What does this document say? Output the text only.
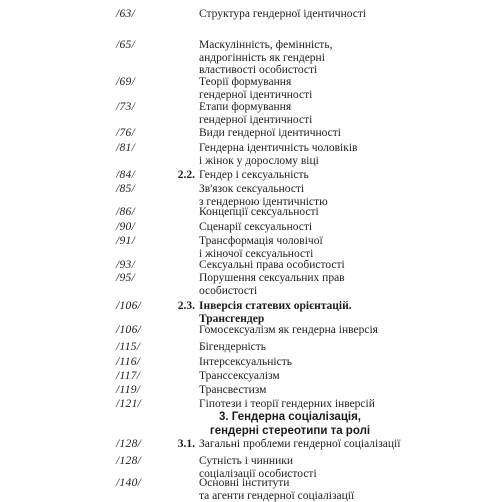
/63/	Структура гендерної ідентичності
/65/	Маскулінність, фемінність,
андрогінність як гендерні
властивості особистості
/69/	Теорії формування
гендерної ідентичності
/73/	Етапи формування
гендерної ідентичності
/76/	Види гендерної ідентичності
/81/	Гендерна ідентичність чоловіків
і жінок у дорослому віці
/84/	2.2. Гендер і сексуальність
/85/	Зв'язок сексуальності
з гендерною ідентичністю
/86/	Концепції сексуальності
/90/	Сценарії сексуальності
/91/	Трансформація чоловічої
і жіночої сексуальності
/93/	Сексуальні права особистості
/95/	Порушення сексуальних прав
особистості
/106/	2.3. Інверсія статевих орієнтацій.
Трансгендер
/106/	Гомосексуалізм як гендерна інверсія
/115/	Бігендерність
/116/	Інтерсексуальність
/117/	Транссексуалізм
/119/	Трансвестизм
/121/	Гіпотези і теорії гендерних інверсій
3. Гендерна соціалізація,
гендерні стереотипи та ролі
/128/	3.1. Загальні проблеми гендерної соціалізації
/128/	Сутність і чинники
соціалізації особистості
/140/	Основні інститути
та агенти гендерної соціалізації
